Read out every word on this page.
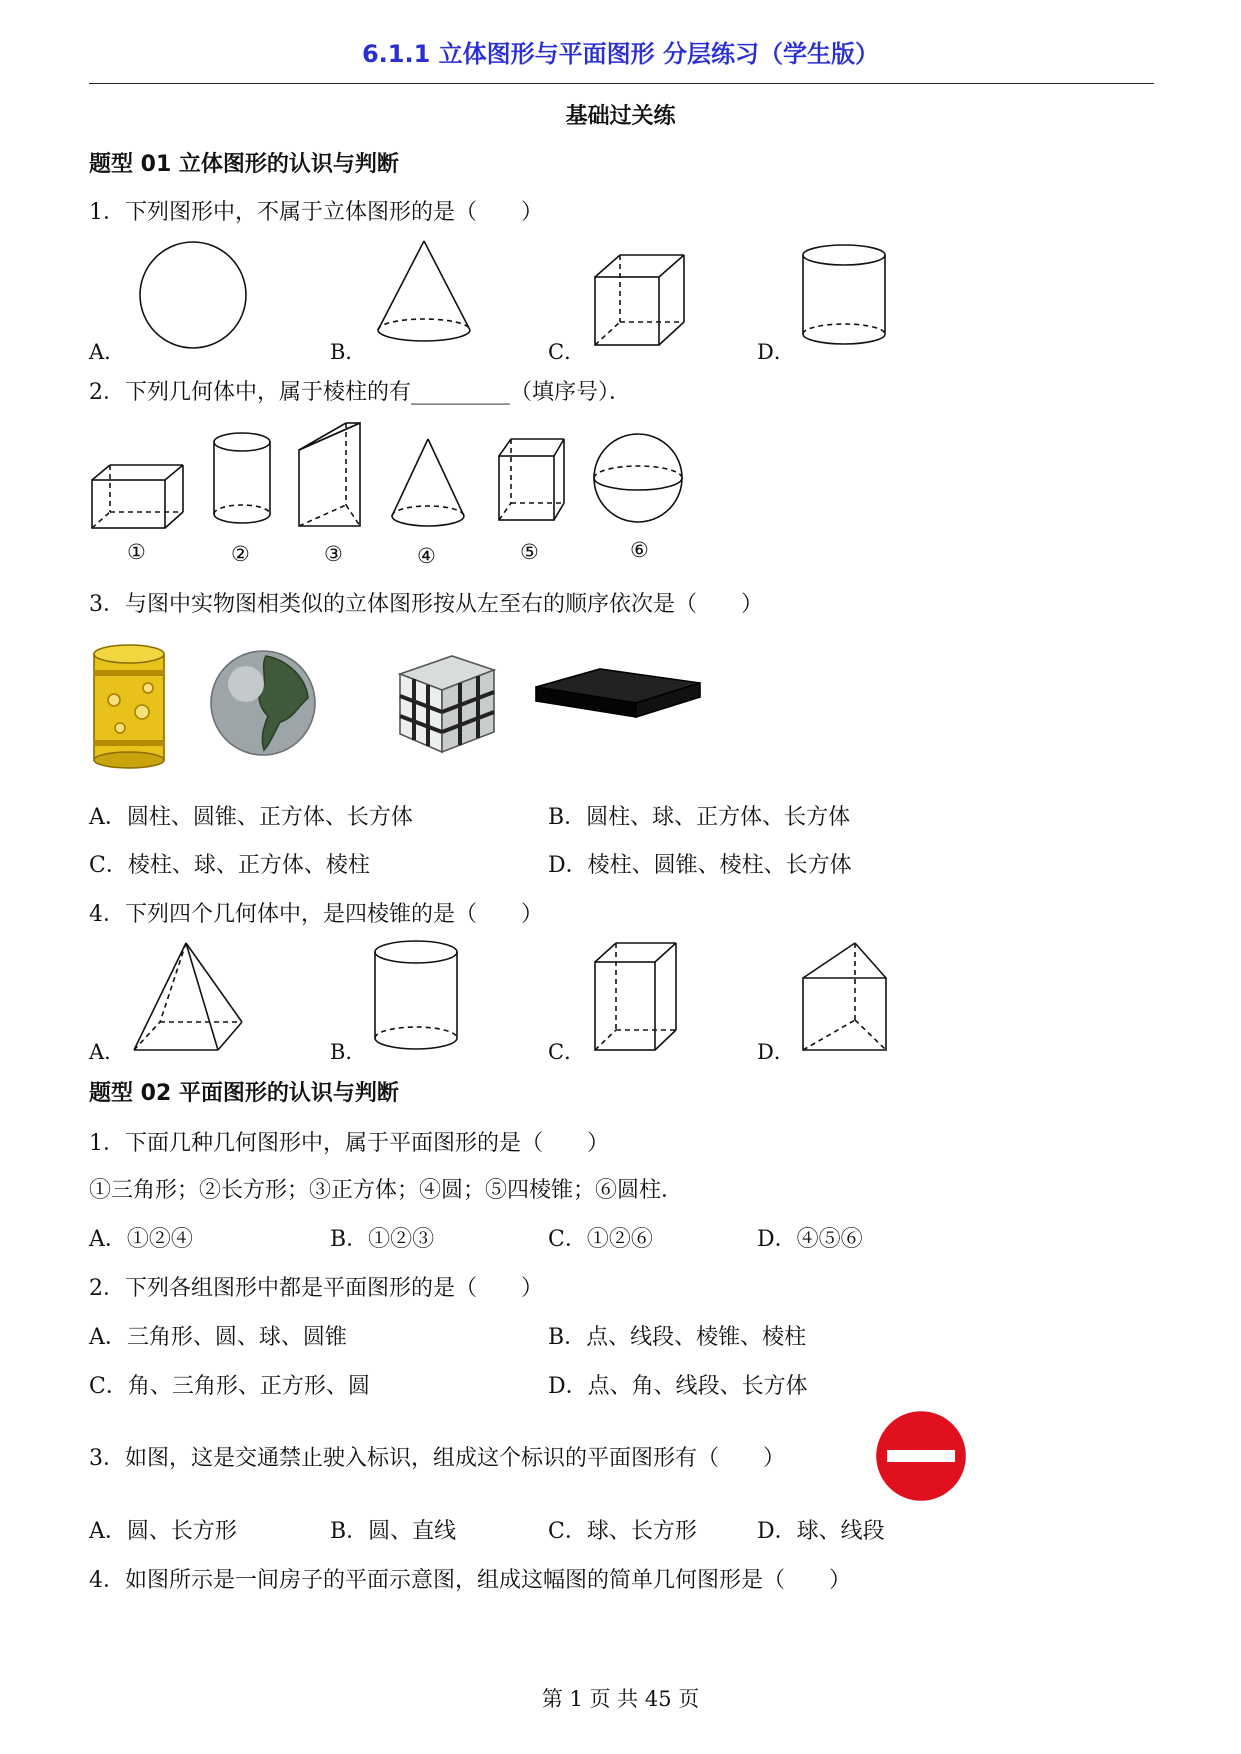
6.1.1 立体图形与平面图形 分层练习（学生版）
基础过关练
题型 01 立体图形的认识与判断
1．下列图形中，不属于立体图形的是（　　）
A．	B．	C．	D．
2．下列几何体中，属于棱柱的有_________（填序号）．
①	②	③	④	⑤	⑥
3．与图中实物图相类似的立体图形按从左至右的顺序依次是（　　）
A．圆柱、圆锥、正方体、长方体	B．圆柱、球、正方体、长方体
C．棱柱、球、正方体、棱柱	D．棱柱、圆锥、棱柱、长方体
4．下列四个几何体中，是四棱锥的是（　　）
A．	B．	C．	D．
题型 02 平面图形的认识与判断
1．下面几种几何图形中，属于平面图形的是（　　）
①三角形；②长方形；③正方体；④圆；⑤四棱锥；⑥圆柱．
A．①②④	B．①②③	C．①②⑥	D．④⑤⑥
2．下列各组图形中都是平面图形的是（　　）
A．三角形、圆、球、圆锥	B．点、线段、棱锥、棱柱
C．角、三角形、正方形、圆	D．点、角、线段、长方体
3．如图，这是交通禁止驶入标识，组成这个标识的平面图形有（　　）
A．圆、长方形	B．圆、直线	C．球、长方形	D．球、线段
4．如图所示是一间房子的平面示意图，组成这幅图的简单几何图形是（　　）
第 1 页 共 45 页
